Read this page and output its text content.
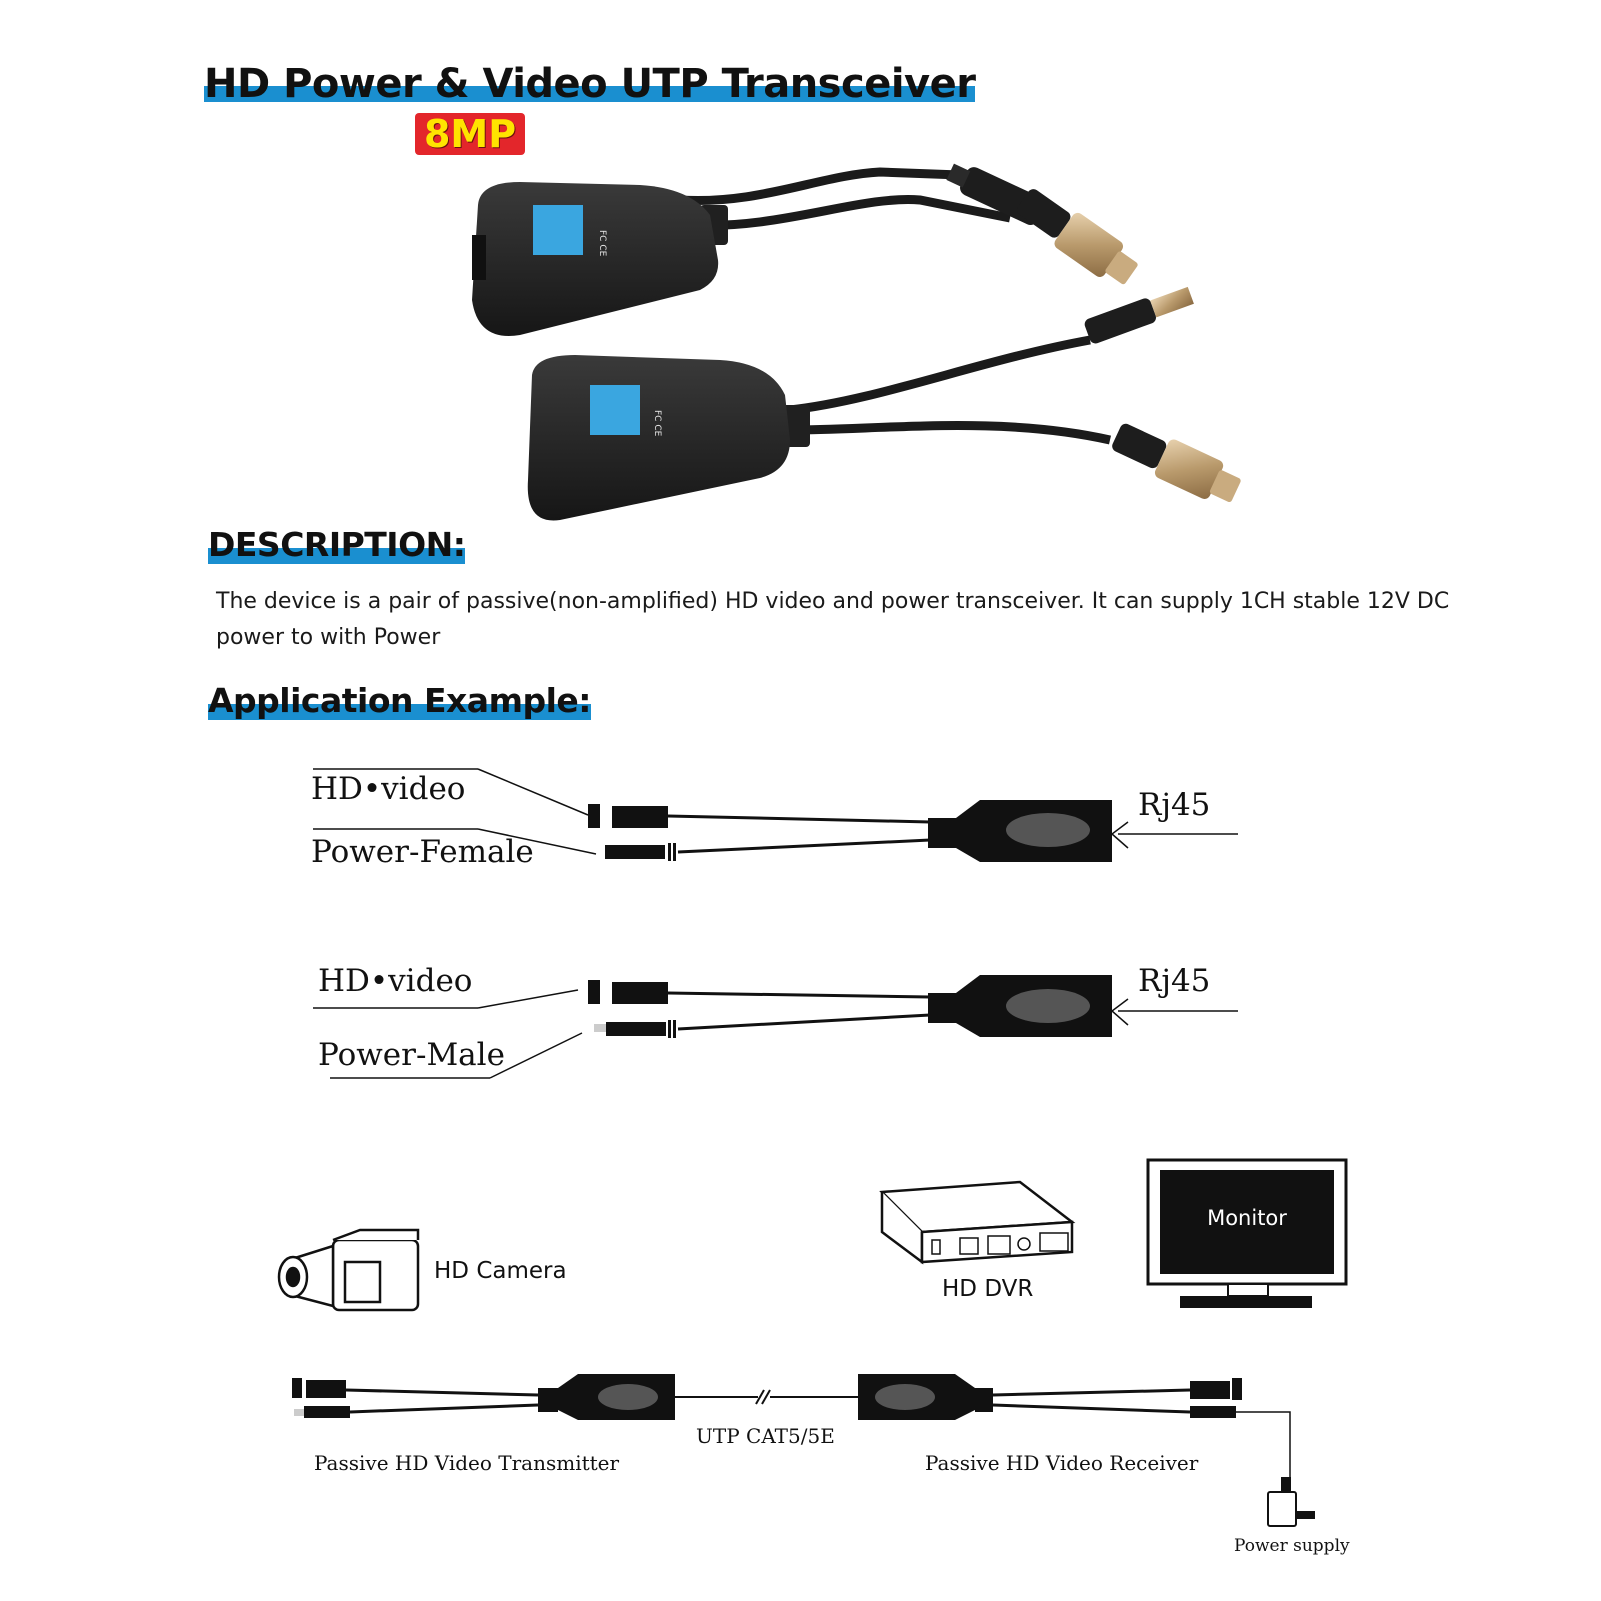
HD Power & Video UTP Transceiver
8MP
FC CE
FC CE
DESCRIPTION:
The device is a pair of passive(non-amplified) HD video and power transceiver. It can supply 1CH stable 12V DC power to with Power
Application Example:
HD•video
Power-Female
Rj45
HD•video
Power-Male
Rj45
HD Camera
HD DVR
Monitor
Passive HD Video Transmitter
UTP CAT5/5E
Passive HD Video Receiver
Power supply
